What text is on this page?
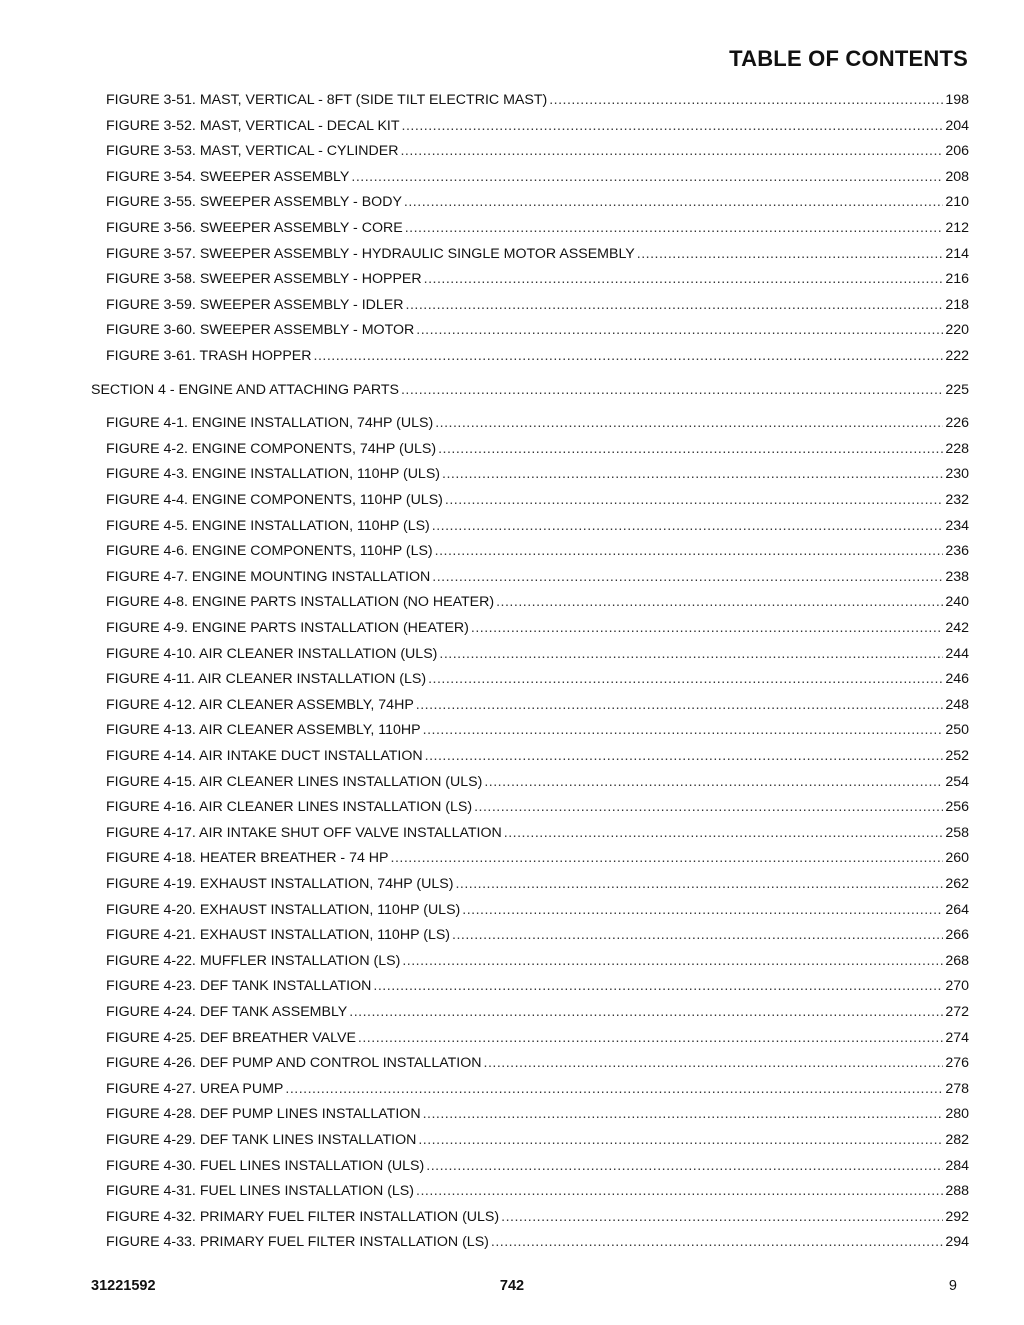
TABLE OF CONTENTS
FIGURE 3-51. MAST, VERTICAL - 8FT (SIDE TILT ELECTRIC MAST) .....	198
FIGURE 3-52. MAST, VERTICAL - DECAL KIT .....	204
FIGURE 3-53. MAST, VERTICAL - CYLINDER .....	206
FIGURE 3-54. SWEEPER ASSEMBLY .....	208
FIGURE 3-55. SWEEPER ASSEMBLY - BODY .....	210
FIGURE 3-56. SWEEPER ASSEMBLY - CORE .....	212
FIGURE 3-57. SWEEPER ASSEMBLY - HYDRAULIC SINGLE MOTOR ASSEMBLY .....	214
FIGURE 3-58. SWEEPER ASSEMBLY - HOPPER .....	216
FIGURE 3-59. SWEEPER ASSEMBLY - IDLER .....	218
FIGURE 3-60. SWEEPER ASSEMBLY - MOTOR .....	220
FIGURE 3-61. TRASH HOPPER .....	222
SECTION 4 - ENGINE AND ATTACHING PARTS .....	225
FIGURE 4-1. ENGINE INSTALLATION, 74HP (ULS) .....	226
FIGURE 4-2. ENGINE COMPONENTS, 74HP (ULS) .....	228
FIGURE 4-3. ENGINE INSTALLATION, 110HP (ULS) .....	230
FIGURE 4-4. ENGINE COMPONENTS, 110HP (ULS) .....	232
FIGURE 4-5. ENGINE INSTALLATION, 110HP (LS) .....	234
FIGURE 4-6. ENGINE COMPONENTS, 110HP (LS) .....	236
FIGURE 4-7. ENGINE MOUNTING INSTALLATION .....	238
FIGURE 4-8. ENGINE PARTS INSTALLATION (NO HEATER) .....	240
FIGURE 4-9. ENGINE PARTS INSTALLATION (HEATER) .....	242
FIGURE 4-10. AIR CLEANER INSTALLATION (ULS) .....	244
FIGURE 4-11. AIR CLEANER INSTALLATION (LS) .....	246
FIGURE 4-12. AIR CLEANER ASSEMBLY, 74HP .....	248
FIGURE 4-13. AIR CLEANER ASSEMBLY, 110HP .....	250
FIGURE 4-14. AIR INTAKE DUCT INSTALLATION .....	252
FIGURE 4-15. AIR CLEANER LINES INSTALLATION (ULS) .....	254
FIGURE 4-16. AIR CLEANER LINES INSTALLATION (LS) .....	256
FIGURE 4-17. AIR INTAKE SHUT OFF VALVE INSTALLATION .....	258
FIGURE 4-18. HEATER BREATHER - 74 HP .....	260
FIGURE 4-19. EXHAUST INSTALLATION, 74HP (ULS) .....	262
FIGURE 4-20. EXHAUST INSTALLATION, 110HP (ULS) .....	264
FIGURE 4-21. EXHAUST INSTALLATION, 110HP (LS) .....	266
FIGURE 4-22. MUFFLER INSTALLATION (LS) .....	268
FIGURE 4-23. DEF TANK INSTALLATION .....	270
FIGURE 4-24. DEF TANK ASSEMBLY .....	272
FIGURE 4-25. DEF BREATHER VALVE .....	274
FIGURE 4-26. DEF PUMP AND CONTROL INSTALLATION .....	276
FIGURE 4-27. UREA PUMP .....	278
FIGURE 4-28. DEF PUMP LINES INSTALLATION .....	280
FIGURE 4-29. DEF TANK LINES INSTALLATION .....	282
FIGURE 4-30. FUEL LINES INSTALLATION (ULS) .....	284
FIGURE 4-31. FUEL LINES INSTALLATION (LS) .....	288
FIGURE 4-32. PRIMARY FUEL FILTER INSTALLATION (ULS) .....	292
FIGURE 4-33. PRIMARY FUEL FILTER INSTALLATION (LS) .....	294
31221592	742	9
